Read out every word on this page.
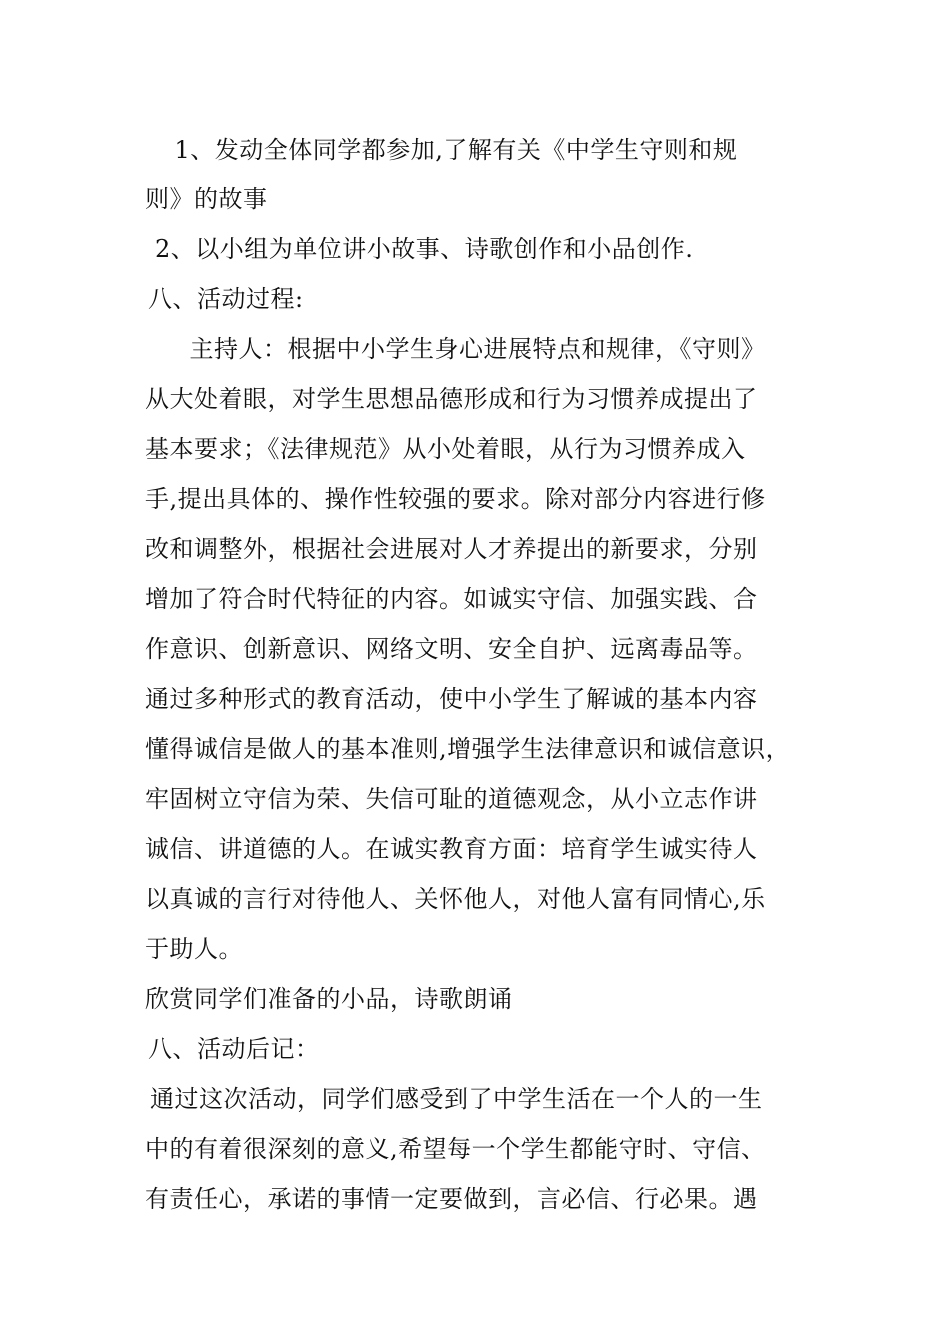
　1、发动全体同学都参加,了解有关《中学生守则和规
则》的故事
2、以小组为单位讲小故事、诗歌创作和小品创作.
八、活动过程:
　主持人：根据中小学生身心进展特点和规律，《守则》
从大处着眼，对学生思想品德形成和行为习惯养成提出了
基本要求；《法律规范》从小处着眼，从行为习惯养成入
手,提出具体的、操作性较强的要求。除对部分内容进行修
改和调整外，根据社会进展对人才养提出的新要求，分别
增加了符合时代特征的内容。如诚实守信、加强实践、合
作意识、创新意识、网络文明、安全自护、远离毒品等。
通过多种形式的教育活动，使中小学生了解诚的基本内容
懂得诚信是做人的基本准则,增强学生法律意识和诚信意识，
牢固树立守信为荣、失信可耻的道德观念，从小立志作讲
诚信、讲道德的人。在诚实教育方面：培育学生诚实待人
以真诚的言行对待他人、关怀他人，对他人富有同情心,乐
于助人。
欣赏同学们准备的小品，诗歌朗诵
八、活动后记：
通过这次活动，同学们感受到了中学生活在一个人的一生
中的有着很深刻的意义,希望每一个学生都能守时、守信、
有责任心，承诺的事情一定要做到，言必信、行必果。遇
